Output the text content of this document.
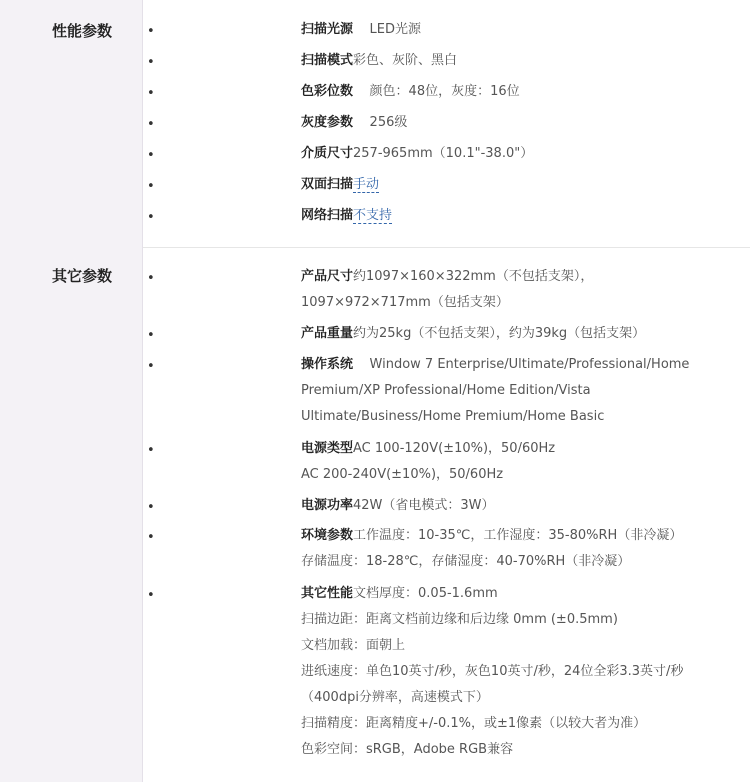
性能参数	•	扫描光源 LED光源
•	扫描模式彩色、灰阶、黑白
•	色彩位数 颜色：48位，灰度：16位
•	灰度参数 256级
•	介质尺寸257-965mm（10.1"-38.0"）
•	双面扫描手动
•	网络扫描不支持
其它参数	•	产品尺寸约1097×160×322mm（不包括支架），1097×972×717mm（包括支架）
•	产品重量约为25kg（不包括支架），约为39kg（包括支架）
•	操作系统 Window 7 Enterprise/Ultimate/Professional/Home Premium/XP Professional/Home Edition/Vista Ultimate/Business/Home Premium/Home Basic
•	电源类型AC 100-120V(±10%)，50/60Hz
AC 200-240V(±10%)，50/60Hz
•	电源功率42W（省电模式：3W）
•	环境参数工作温度：10-35℃，工作湿度：35-80%RH（非冷凝）
存储温度：18-28℃，存储湿度：40-70%RH（非冷凝）
•	其它性能文档厚度：0.05-1.6mm
扫描边距：距离文档前边缘和后边缘 0mm (±0.5mm)
文档加载：面朝上
进纸速度：单色10英寸/秒，灰色10英寸/秒，24位全彩3.3英寸/秒（400dpi分辨率，高速模式下）
扫描精度：距离精度+/-0.1%，或±1像素（以较大者为准）
色彩空间：sRGB，Adobe RGB兼容
